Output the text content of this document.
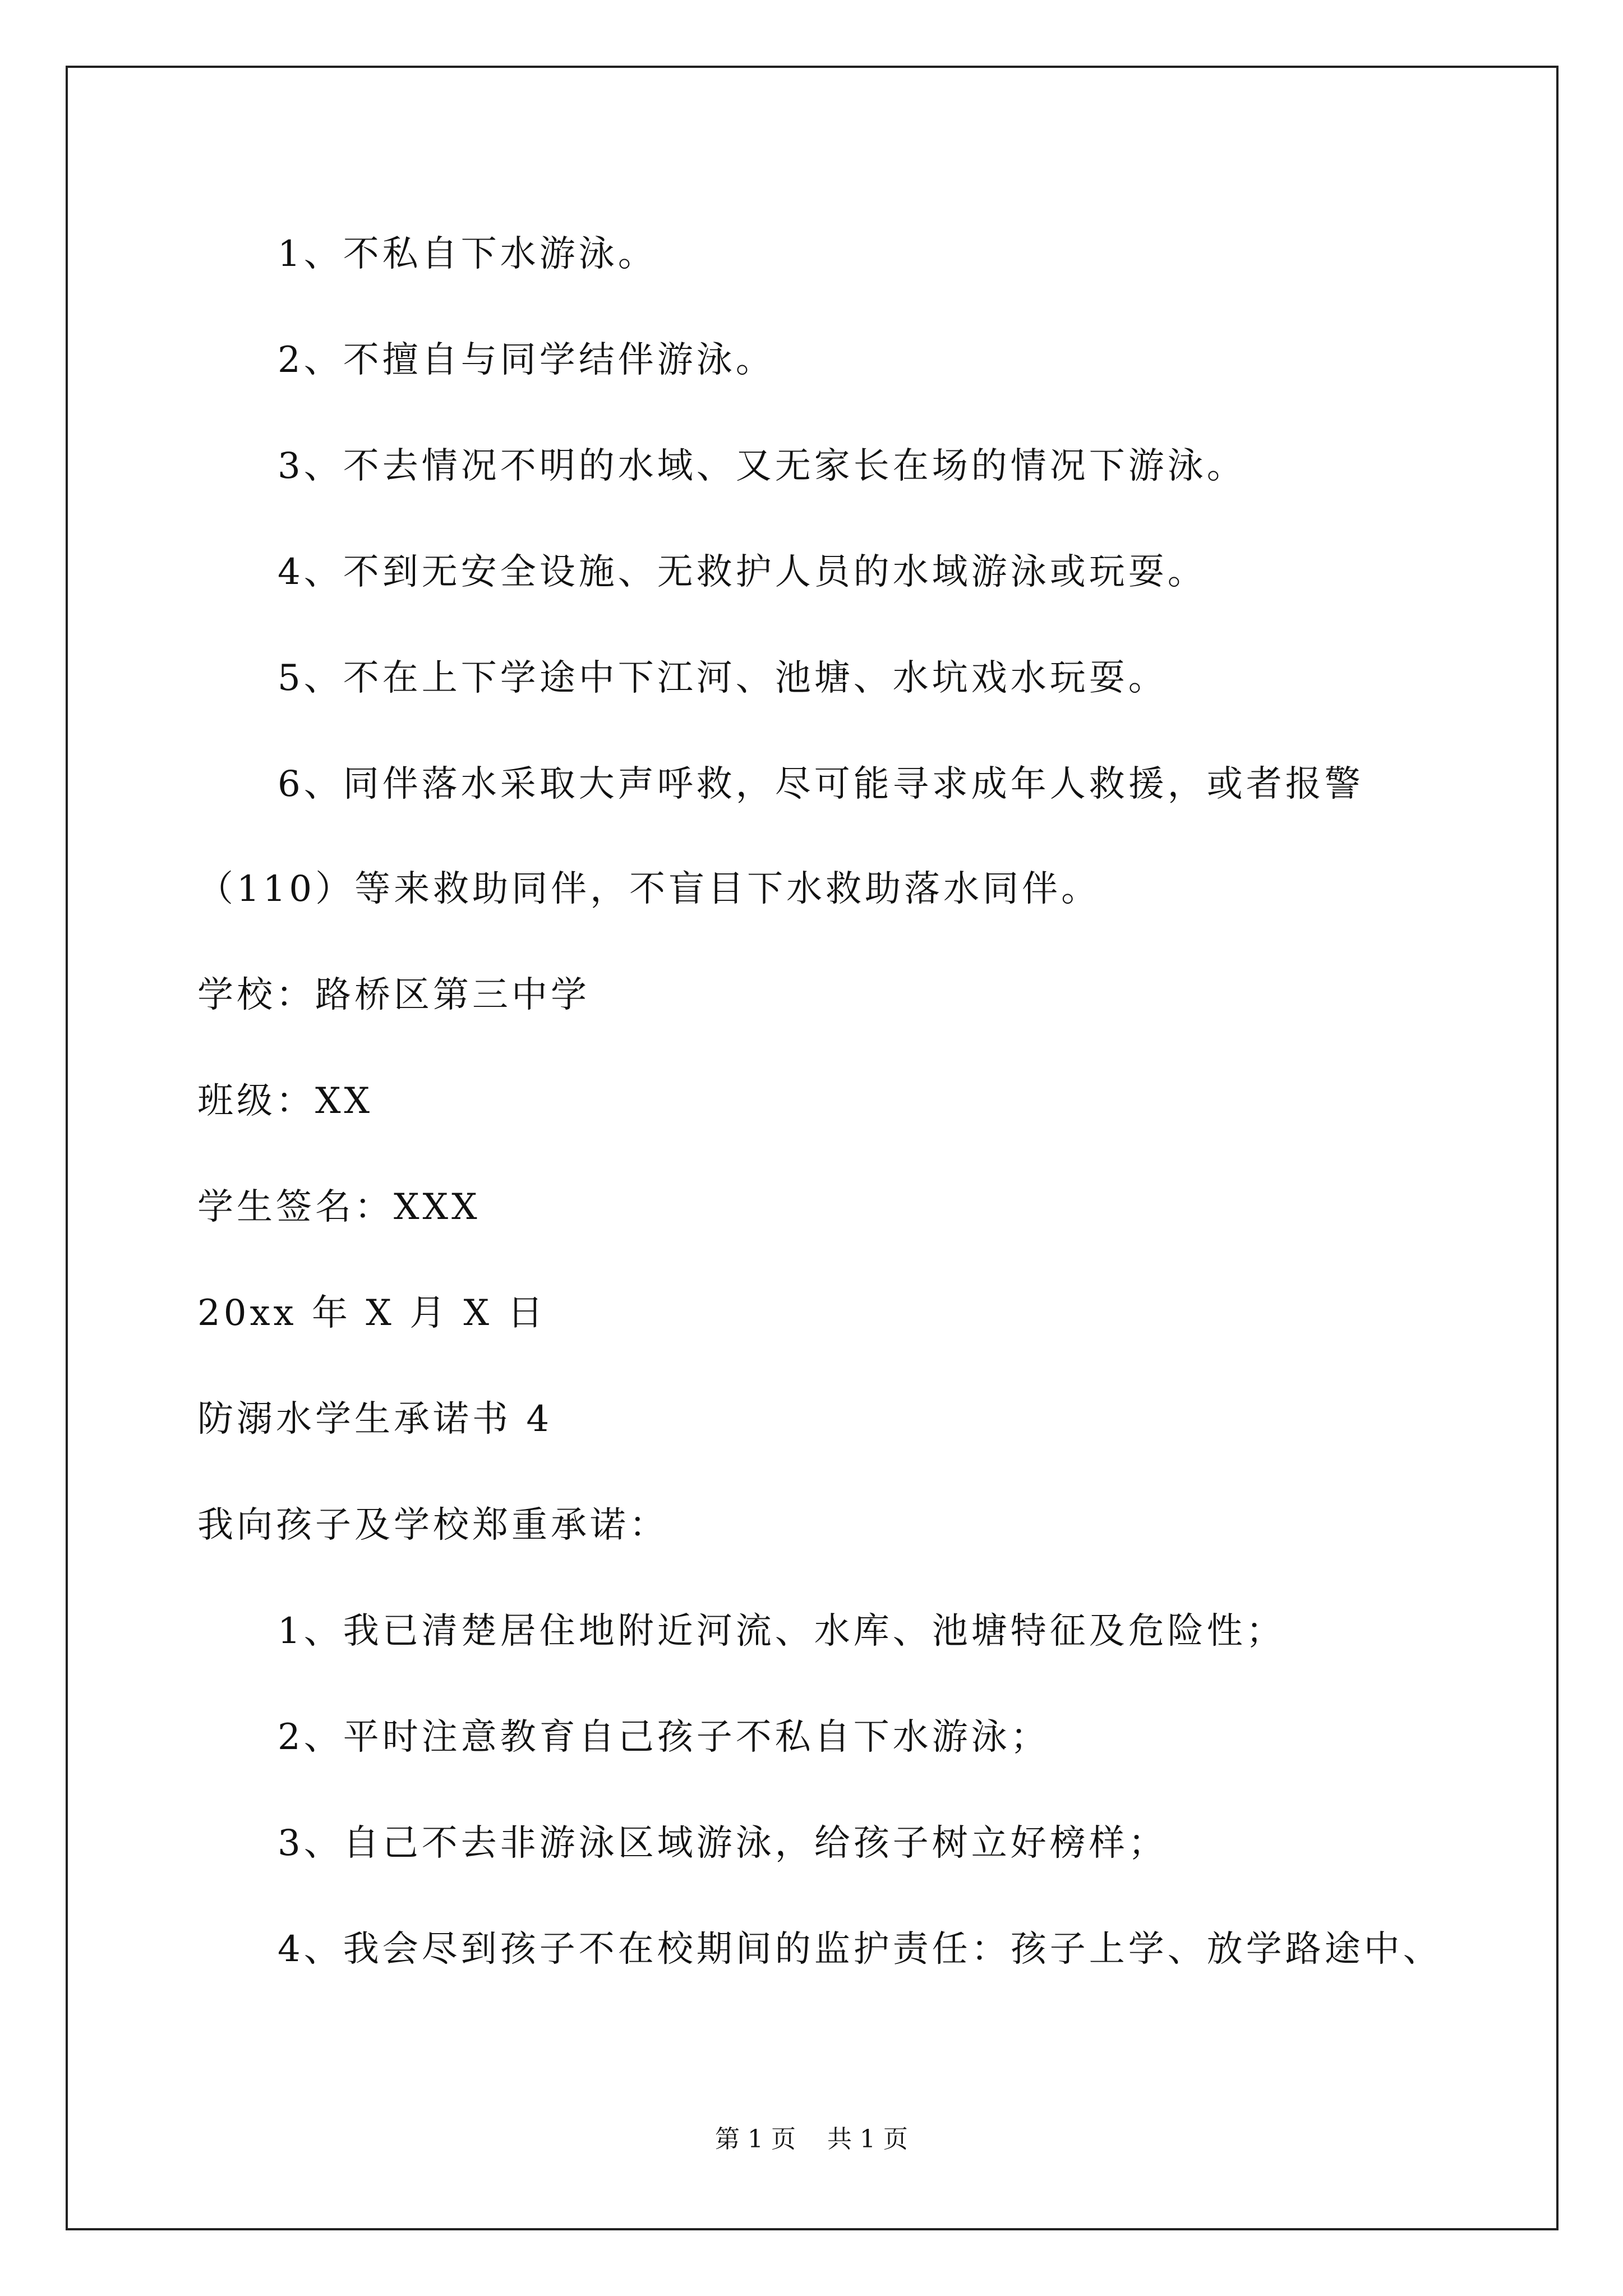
1、不私自下水游泳。
2、不擅自与同学结伴游泳。
3、不去情况不明的水域、又无家长在场的情况下游泳。
4、不到无安全设施、无救护人员的水域游泳或玩耍。
5、不在上下学途中下江河、池塘、水坑戏水玩耍。
6、同伴落水采取大声呼救，尽可能寻求成年人救援，或者报警
（110）等来救助同伴，不盲目下水救助落水同伴。
学校：路桥区第三中学
班级：XX
学生签名：XXX
20xx 年 X 月 X 日
防溺水学生承诺书 4
我向孩子及学校郑重承诺：
1、我已清楚居住地附近河流、水库、池塘特征及危险性；
2、平时注意教育自己孩子不私自下水游泳；
3、自己不去非游泳区域游泳，给孩子树立好榜样；
4、我会尽到孩子不在校期间的监护责任：孩子上学、放学路途中、
第 1 页    共 1 页
